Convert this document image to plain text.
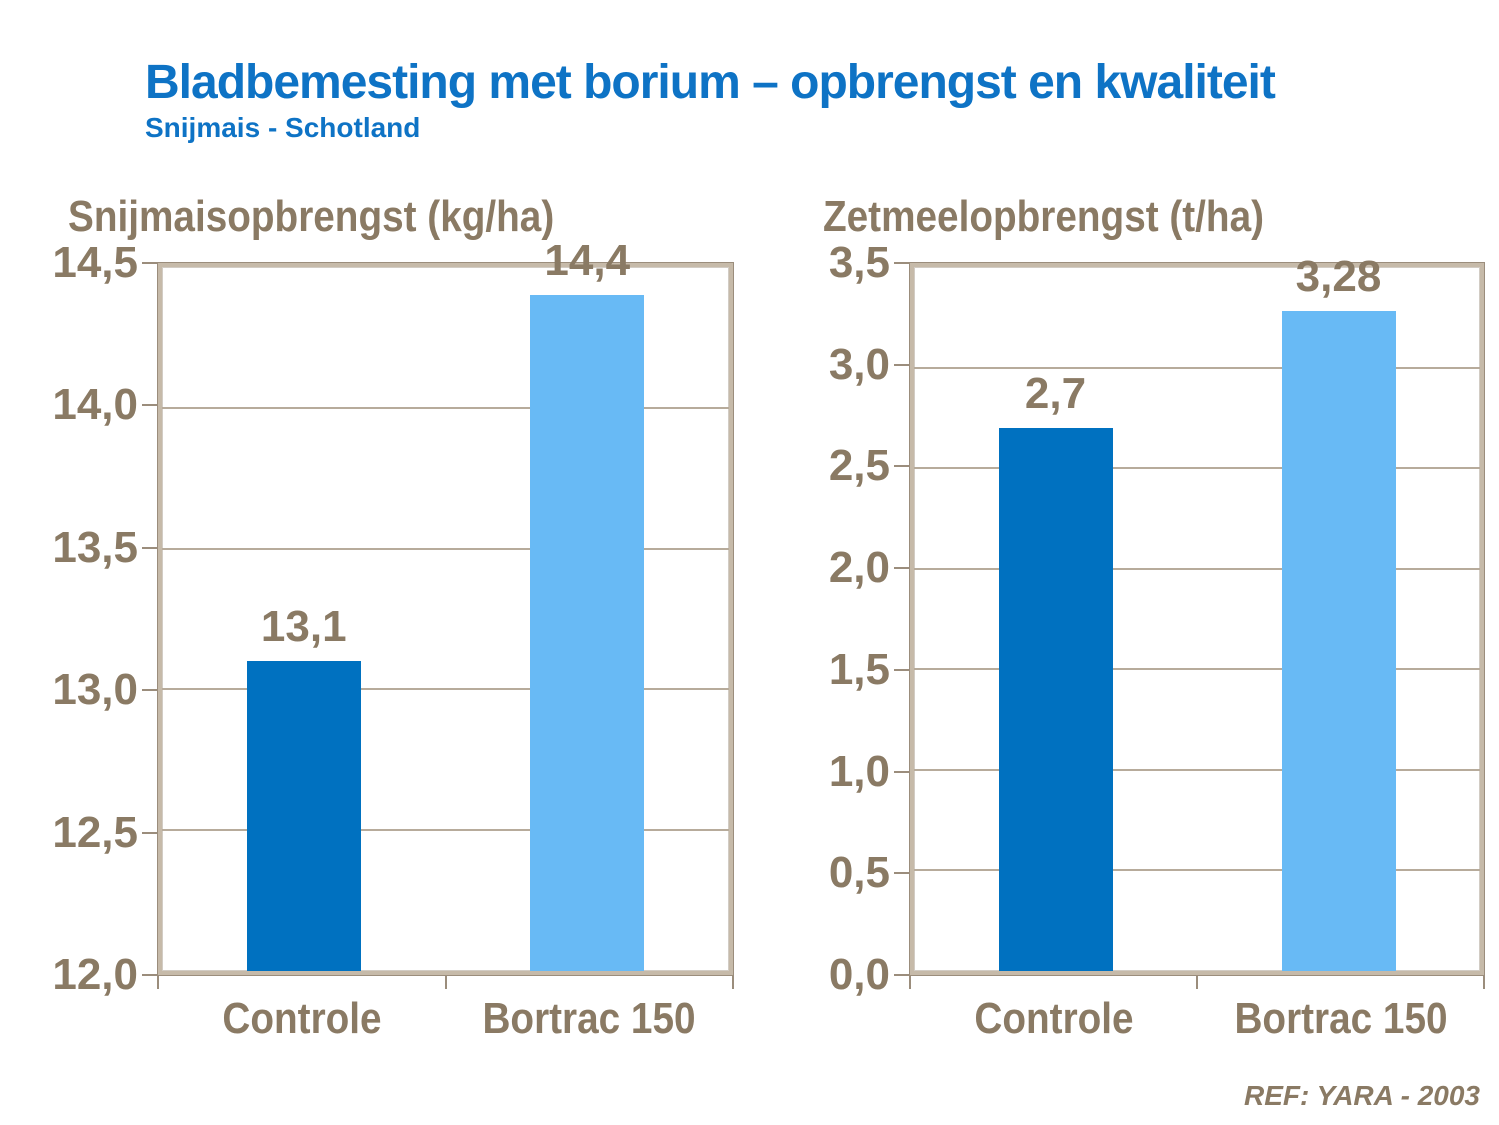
Bladbemesting met borium – opbrengst en kwaliteit
Snijmais - Schotland
Snijmaisopbrengst (kg/ha)	Zetmeelopbrengst (t/ha)
13,1
14,4
12,0
12,5
13,0
13,5
14,0
14,5
Controle Bortrac 150
2,7
3,28
0,0
0,5
1,0
1,5
2,0
2,5
3,0
3,5
Controle Bortrac 150
REF: YARA - 2003
